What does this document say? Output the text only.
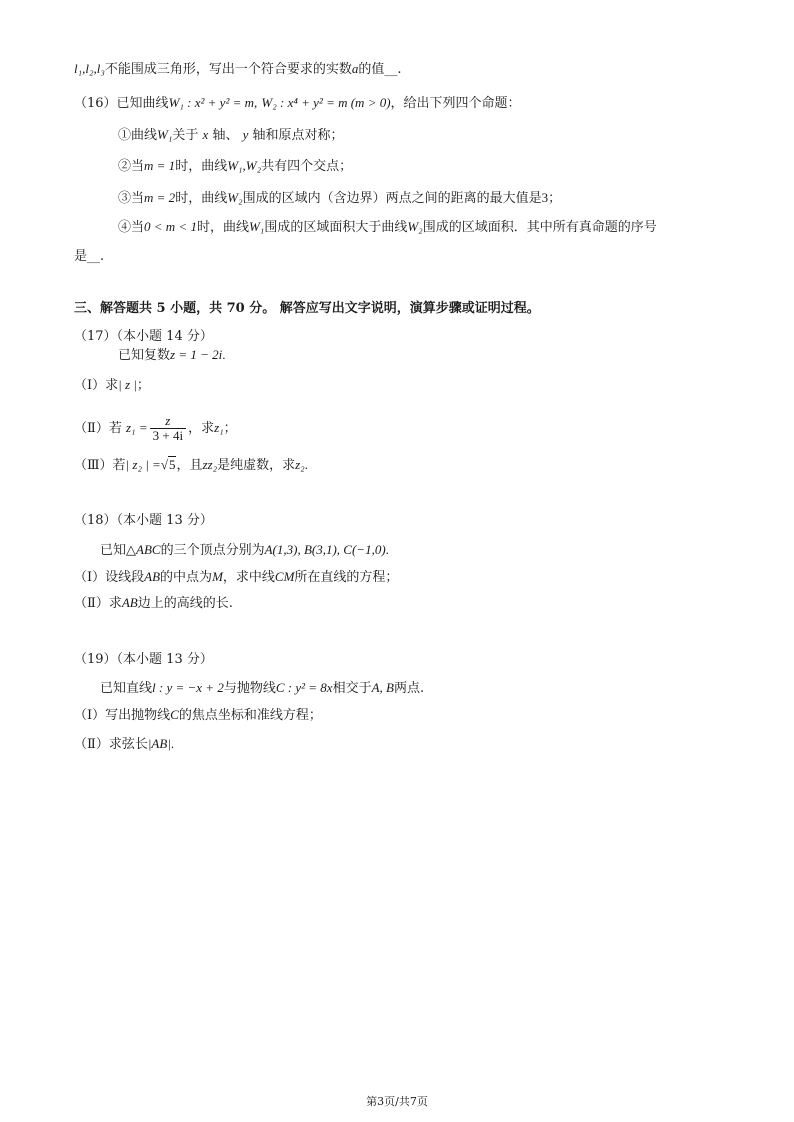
l₁,l₂,l₃不能围成三角形，写出一个符合要求的实数a的值__.
（16）已知曲线W₁ : x² + y² = m, W₂ : x⁴ + y² = m (m > 0)，给出下列四个命题：
①曲线W₁关于 x 轴、 y 轴和原点对称；
②当m = 1时，曲线W₁,W₂共有四个交点；
③当m = 2时，曲线W₂围成的区域内（含边界）两点之间的距离的最大值是3；
④当0 < m < 1时，曲线W₁围成的区域面积大于曲线W₂围成的区域面积．其中所有真命题的序号
是__.
三、解答题共 5 小题，共 70 分。 解答应写出文字说明，演算步骤或证明过程。
（17）（本小题 14 分）
已知复数z = 1 − 2i.
（Ⅰ）求| z |；
（Ⅱ）若 $z_1 = \frac{z}{3 + 4i}$ ，求z₁；
（Ⅲ）若| z₂ | =√5，且zz₂是纯虚数，求z₂.
（18）（本小题 13 分）
已知△ABC的三个顶点分别为A(1,3), B(3,1), C(−1,0).
（Ⅰ）设线段AB的中点为M，求中线CM所在直线的方程；
（Ⅱ）求AB边上的高线的长.
（19）（本小题 13 分）
已知直线l : y = −x + 2与抛物线C : y² = 8x相交于A, B两点.
（Ⅰ）写出抛物线C的焦点坐标和准线方程；
（Ⅱ）求弦长|AB|.
第3页/共7页
